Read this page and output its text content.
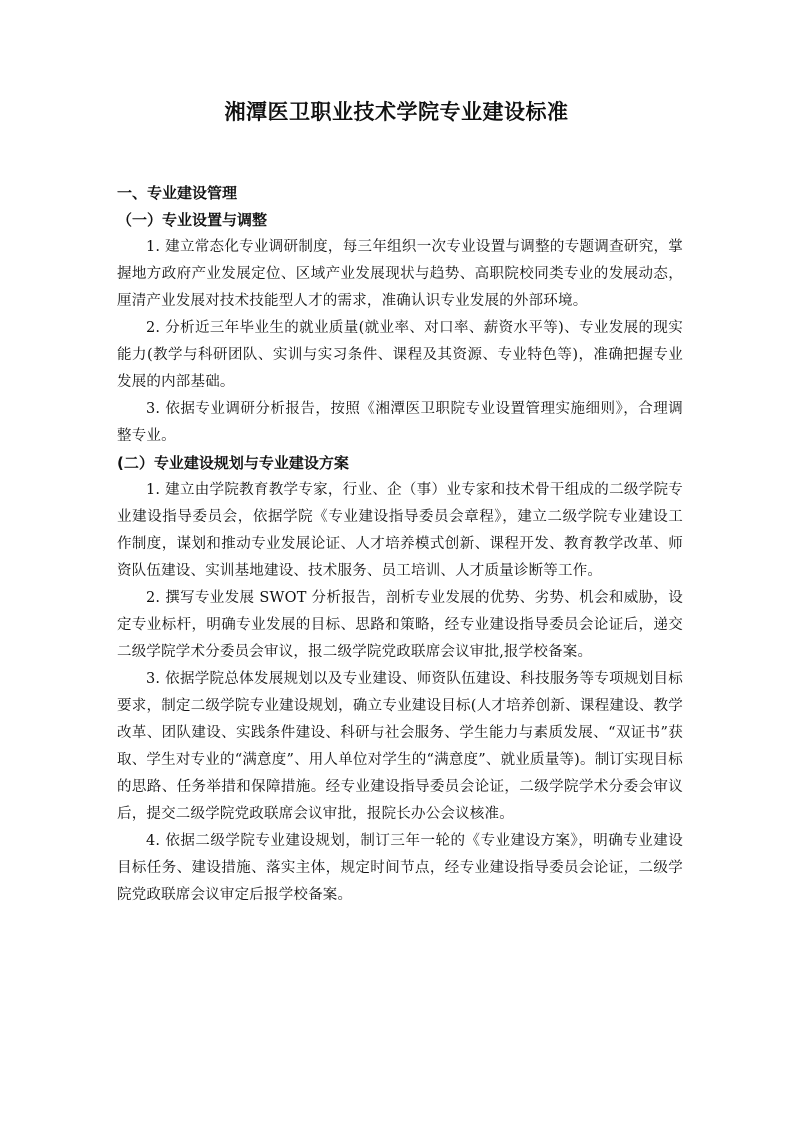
湘潭医卫职业技术学院专业建设标准

一、专业建设管理

（一）专业设置与调整

1. 建立常态化专业调研制度，每三年组织一次专业设置与调整的专题调查研究，掌握地方政府产业发展定位、区域产业发展现状与趋势、高职院校同类专业的发展动态，厘清产业发展对技术技能型人才的需求，准确认识专业发展的外部环境。

2. 分析近三年毕业生的就业质量(就业率、对口率、薪资水平等)、专业发展的现实能力(教学与科研团队、实训与实习条件、课程及其资源、专业特色等)，准确把握专业发展的内部基础。

3. 依据专业调研分析报告，按照《湘潭医卫职院专业设置管理实施细则》，合理调整专业。

(二）专业建设规划与专业建设方案

1. 建立由学院教育教学专家，行业、企（事）业专家和技术骨干组成的二级学院专业建设指导委员会，依据学院《专业建设指导委员会章程》，建立二级学院专业建设工作制度，谋划和推动专业发展论证、人才培养模式创新、课程开发、教育教学改革、师资队伍建设、实训基地建设、技术服务、员工培训、人才质量诊断等工作。

2. 撰写专业发展 SWOT 分析报告，剖析专业发展的优势、劣势、机会和威胁，设定专业标杆，明确专业发展的目标、思路和策略，经专业建设指导委员会论证后，递交二级学院学术分委员会审议，报二级学院党政联席会议审批,报学校备案。

3. 依据学院总体发展规划以及专业建设、师资队伍建设、科技服务等专项规划目标要求，制定二级学院专业建设规划，确立专业建设目标(人才培养创新、课程建设、教学改革、团队建设、实践条件建设、科研与社会服务、学生能力与素质发展、“双证书”获取、学生对专业的“满意度”、用人单位对学生的“满意度”、就业质量等)。制订实现目标的思路、任务举措和保障措施。经专业建设指导委员会论证，二级学院学术分委会审议后，提交二级学院党政联席会议审批，报院长办公会议核准。

4. 依据二级学院专业建设规划，制订三年一轮的《专业建设方案》，明确专业建设目标任务、建设措施、落实主体，规定时间节点，经专业建设指导委员会论证，二级学院党政联席会议审定后报学校备案。
